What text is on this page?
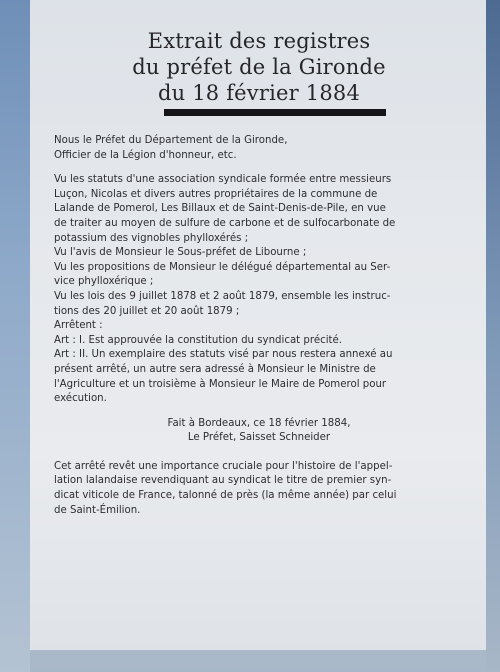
Extrait des registres
du préfet de la Gironde
du 18 février 1884
Nous le Préfet du Département de la Gironde,
Officier de la Légion d'honneur, etc.
Vu les statuts d'une association syndicale formée entre messieurs
Luçon, Nicolas et divers autres propriétaires de la commune de
Lalande de Pomerol, Les Billaux et de Saint-Denis-de-Pile, en vue
de traiter au moyen de sulfure de carbone et de sulfocarbonate de
potassium des vignobles phylloxérés ;
Vu l'avis de Monsieur le Sous-préfet de Libourne ;
Vu les propositions de Monsieur le délégué départemental au Ser-
vice phylloxérique ;
Vu les lois des 9 juillet 1878 et 2 août 1879, ensemble les instruc-
tions des 20 juillet et 20 août 1879 ;
Arrêtent :
Art : I. Est approuvée la constitution du syndicat précité.
Art : II. Un exemplaire des statuts visé par nous restera annexé au
présent arrêté, un autre sera adressé à Monsieur le Ministre de
l'Agriculture et un troisième à Monsieur le Maire de Pomerol pour
exécution.
Fait à Bordeaux, ce 18 février 1884,
Le Préfet, Saisset Schneider
Cet arrêté revêt une importance cruciale pour l'histoire de l'appel-
lation lalandaise revendiquant au syndicat le titre de premier syn-
dicat viticole de France, talonné de près (la même année) par celui
de Saint-Émilion.
